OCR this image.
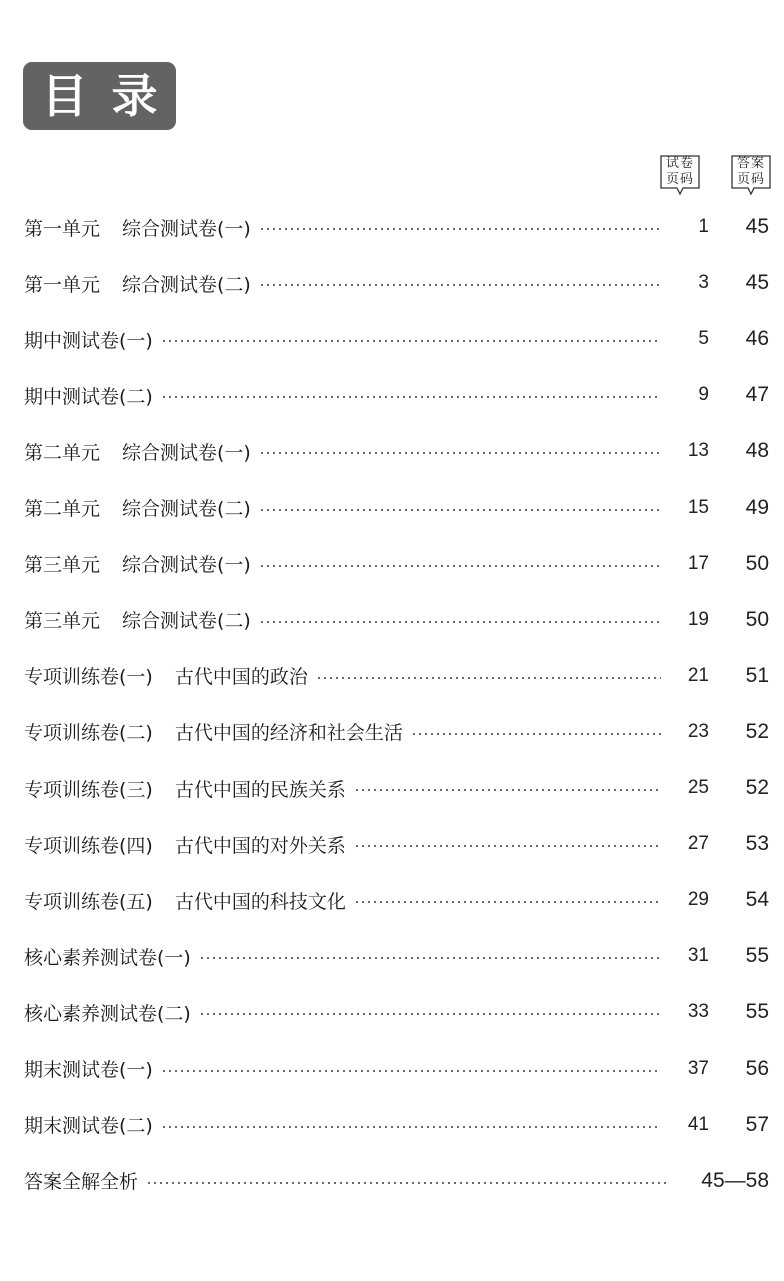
目 录
试卷
页码
答案
页码
第一单元 综合测试卷(一)	1	45
第一单元 综合测试卷(二)	3	45
期中测试卷(一)	5	46
期中测试卷(二)	9	47
第二单元 综合测试卷(一)	13	48
第二单元 综合测试卷(二)	15	49
第三单元 综合测试卷(一)	17	50
第三单元 综合测试卷(二)	19	50
专项训练卷(一) 古代中国的政治	21	51
专项训练卷(二) 古代中国的经济和社会生活	23	52
专项训练卷(三) 古代中国的民族关系	25	52
专项训练卷(四) 古代中国的对外关系	27	53
专项训练卷(五) 古代中国的科技文化	29	54
核心素养测试卷(一)	31	55
核心素养测试卷(二)	33	55
期末测试卷(一)	37	56
期末测试卷(二)	41	57
答案全解全析	45—58
